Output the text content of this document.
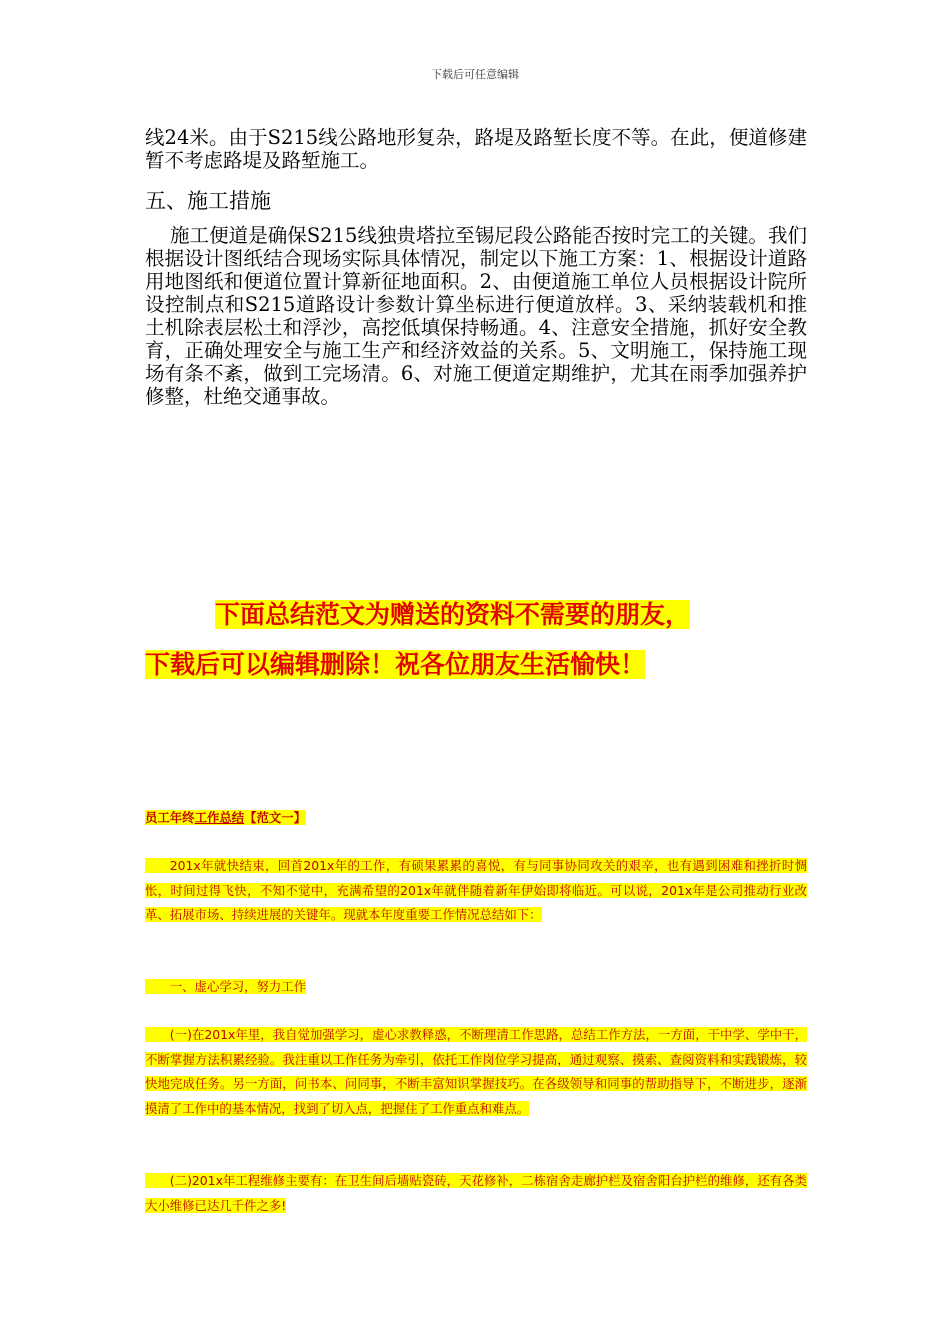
下载后可任意编辑
线24米。由于S215线公路地形复杂，路堤及路堑长度不等。在此，便道修建暂不考虑路堤及路堑施工。
五、施工措施
施工便道是确保S215线独贵塔拉至锡尼段公路能否按时完工的关键。我们根据设计图纸结合现场实际具体情况，制定以下施工方案：1、根据设计道路用地图纸和便道位置计算新征地面积。2、由便道施工单位人员根据设计院所设控制点和S215道路设计参数计算坐标进行便道放样。3、采纳装载机和推土机除表层松土和浮沙，高挖低填保持畅通。4、注意安全措施，抓好安全教育，正确处理安全与施工生产和经济效益的关系。5、文明施工，保持施工现场有条不紊，做到工完场清。6、对施工便道定期维护，尤其在雨季加强养护修整，杜绝交通事故。
下面总结范文为赠送的资料不需要的朋友，
下载后可以编辑删除！祝各位朋友生活愉快！
员工年终工作总结【范文一】
  201x年就快结束，回首201x年的工作，有硕果累累的喜悦，有与同事协同攻关的艰辛，也有遇到困难和挫折时惆怅，时间过得飞快，不知不觉中，充满希望的201x年就伴随着新年伊始即将临近。可以说，201x年是公司推动行业改革、拓展市场、持续进展的关键年。现就本年度重要工作情况总结如下：
  一、虚心学习，努力工作
  (一)在201x年里，我自觉加强学习，虚心求教释惑，不断理清工作思路，总结工作方法，一方面，干中学、学中干，不断掌握方法积累经验。我注重以工作任务为牵引，依托工作岗位学习提高，通过观察、摸索、查阅资料和实践锻炼，较快地完成任务。另一方面，问书本、问同事，不断丰富知识掌握技巧。在各级领导和同事的帮助指导下，不断进步，逐渐摸清了工作中的基本情况，找到了切入点，把握住了工作重点和难点。
  (二)201x年工程维修主要有：在卫生间后墙贴瓷砖，天花修补，二栋宿舍走廊护栏及宿舍阳台护栏的维修，还有各类大小维修已达几千件之多!
